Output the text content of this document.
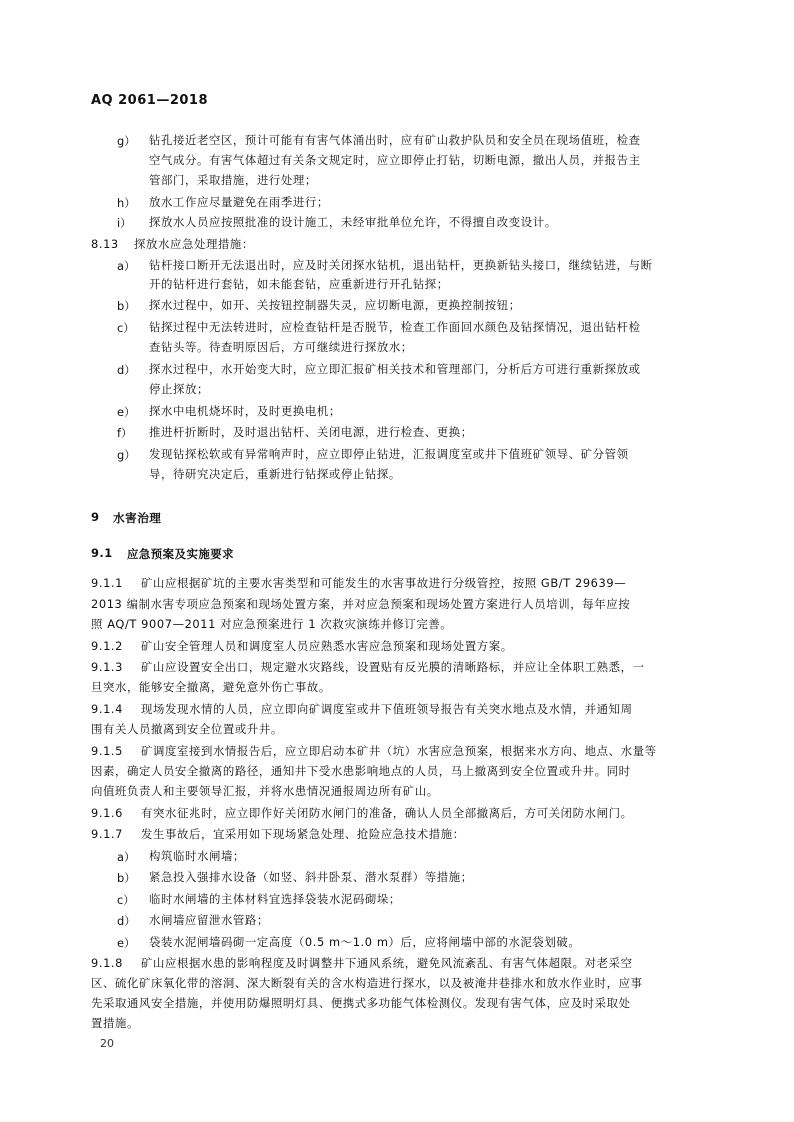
AQ 2061—2018
g） 钻孔接近老空区，预计可能有有害气体涌出时，应有矿山救护队员和安全员在现场值班，检查
空气成分。有害气体超过有关条文规定时，应立即停止打钻，切断电源，撤出人员，并报告主
管部门，采取措施，进行处理；
h） 放水工作应尽量避免在雨季进行；
i） 探放水人员应按照批准的设计施工，未经审批单位允许，不得擅自改变设计。
8.13 探放水应急处理措施：
a） 钻杆接口断开无法退出时，应及时关闭探水钻机，退出钻杆，更换新钻头接口，继续钻进，与断
开的钻杆进行套钻，如未能套钻，应重新进行开孔钻探；
b） 探水过程中，如开、关按钮控制器失灵，应切断电源，更换控制按钮；
c） 钻探过程中无法转进时，应检查钻杆是否脱节，检查工作面回水颜色及钻探情况，退出钻杆检
查钻头等。待查明原因后，方可继续进行探放水；
d） 探水过程中，水开始变大时，应立即汇报矿相关技术和管理部门，分析后方可进行重新探放或
停止探放；
e） 探水中电机烧坏时，及时更换电机；
f） 推进杆折断时，及时退出钻杆、关闭电源，进行检查、更换；
g） 发现钻探松软或有异常响声时，应立即停止钻进，汇报调度室或井下值班矿领导、矿分管领
导，待研究决定后，重新进行钻探或停止钻探。
9 水害治理
9.1 应急预案及实施要求
9.1.1 矿山应根据矿坑的主要水害类型和可能发生的水害事故进行分级管控，按照 GB/T 29639—
2013 编制水害专项应急预案和现场处置方案，并对应急预案和现场处置方案进行人员培训，每年应按
照 AQ/T 9007—2011 对应急预案进行 1 次救灾演练并修订完善。
9.1.2 矿山安全管理人员和调度室人员应熟悉水害应急预案和现场处置方案。
9.1.3 矿山应设置安全出口，规定避水灾路线，设置贴有反光膜的清晰路标，并应让全体职工熟悉，一
旦突水，能够安全撤离，避免意外伤亡事故。
9.1.4 现场发现水情的人员，应立即向矿调度室或井下值班领导报告有关突水地点及水情，并通知周
围有关人员撤离到安全位置或升井。
9.1.5 矿调度室接到水情报告后，应立即启动本矿井（坑）水害应急预案，根据来水方向、地点、水量等
因素，确定人员安全撤离的路径，通知井下受水患影响地点的人员，马上撤离到安全位置或升井。同时
向值班负责人和主要领导汇报，并将水患情况通报周边所有矿山。
9.1.6 有突水征兆时，应立即作好关闭防水闸门的准备，确认人员全部撤离后，方可关闭防水闸门。
9.1.7 发生事故后，宜采用如下现场紧急处理、抢险应急技术措施：
a） 构筑临时水闸墙；
b） 紧急投入强排水设备（如竖、斜井卧泵、潜水泵群）等措施；
c） 临时水闸墙的主体材料宜选择袋装水泥码砌垛；
d） 水闸墙应留泄水管路；
e） 袋装水泥闸墙码砌一定高度（0.5 m～1.0 m）后，应将闸墙中部的水泥袋划破。
9.1.8 矿山应根据水患的影响程度及时调整井下通风系统，避免风流紊乱、有害气体超限。对老采空
区、硫化矿床氧化带的溶洞、深大断裂有关的含水构造进行探水，以及被淹井巷排水和放水作业时，应事
先采取通风安全措施，并使用防爆照明灯具、便携式多功能气体检测仪。发现有害气体，应及时采取处
置措施。
20
